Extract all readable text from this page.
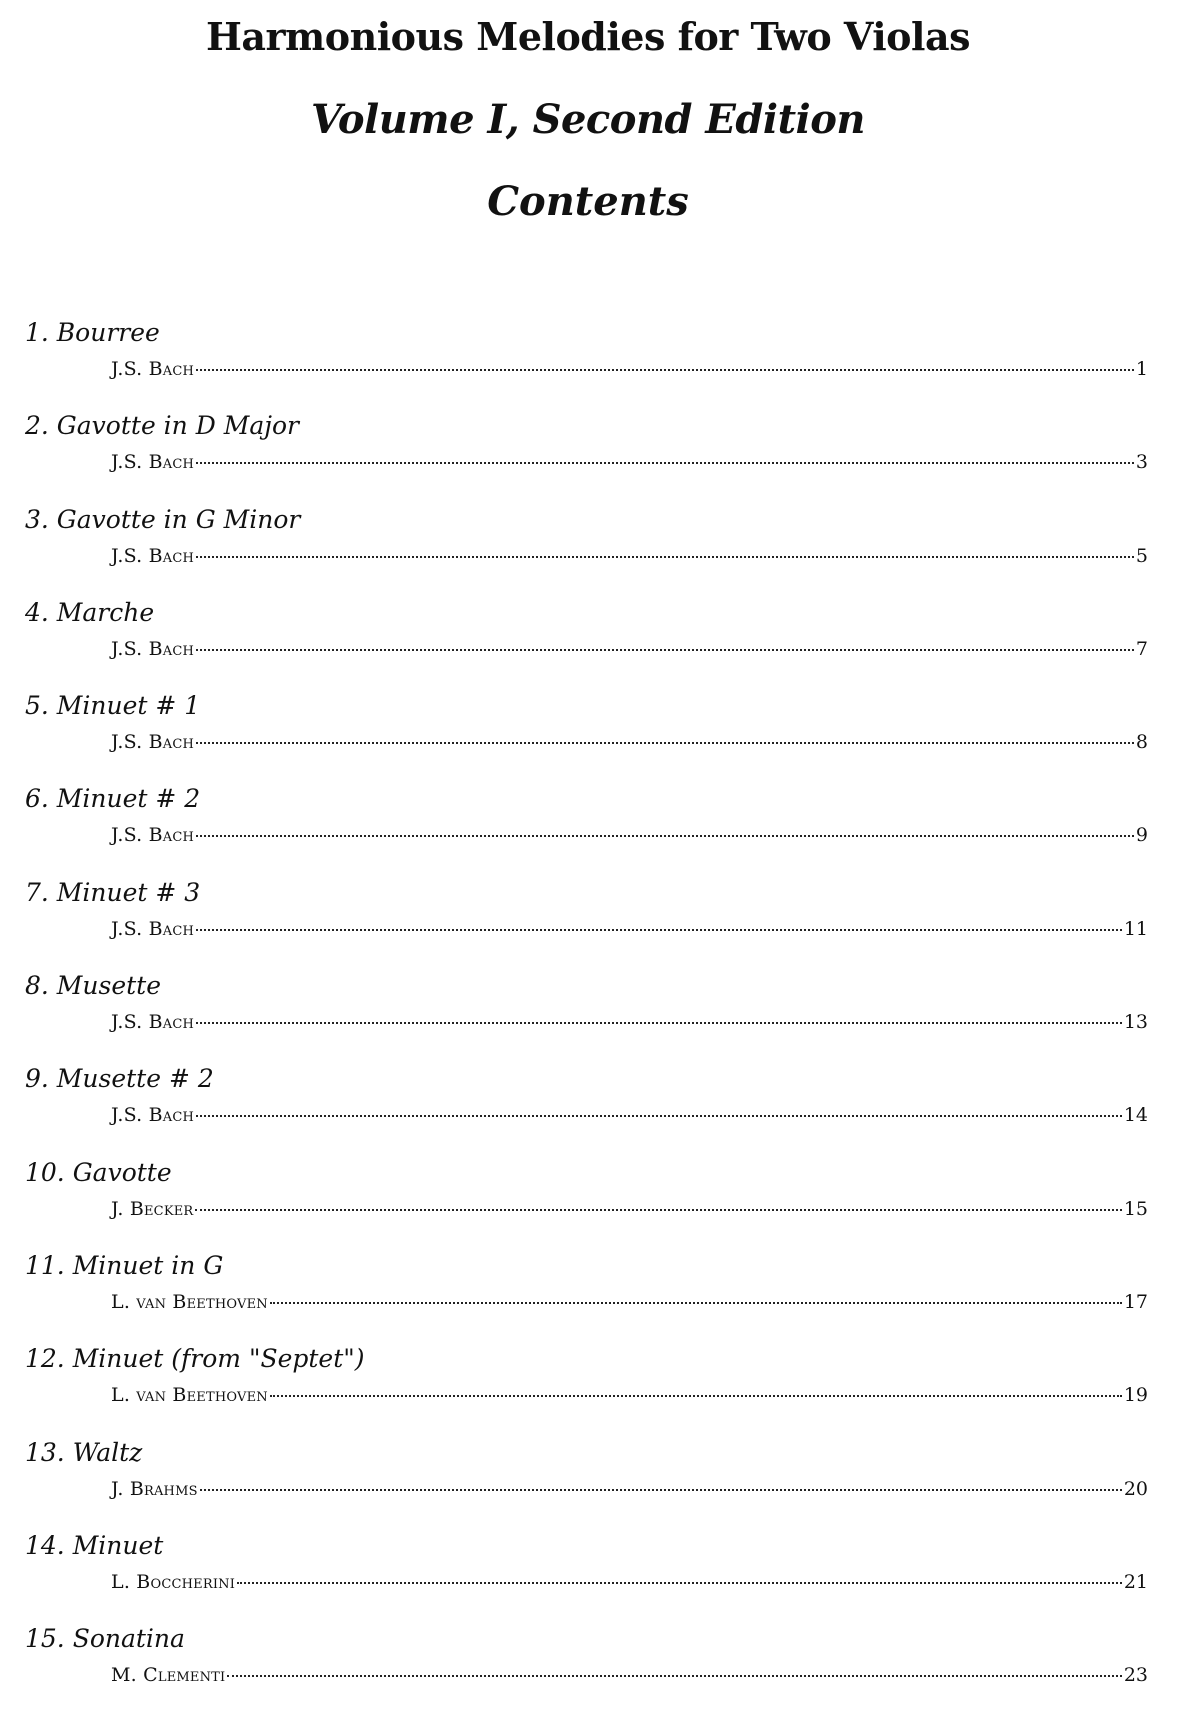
Harmonious Melodies for Two Violas
Volume I, Second Edition
Contents
1. Bourree
J.S. Bach	1
2. Gavotte in D Major
J.S. Bach	3
3. Gavotte in G Minor
J.S. Bach	5
4. Marche
J.S. Bach	7
5. Minuet # 1
J.S. Bach	8
6. Minuet # 2
J.S. Bach	9
7. Minuet # 3
J.S. Bach	11
8. Musette
J.S. Bach	13
9. Musette # 2
J.S. Bach	14
10. Gavotte
J. Becker	15
11. Minuet in G
L. van Beethoven	17
12. Minuet (from "Septet")
L. van Beethoven	19
13. Waltz
J. Brahms	20
14. Minuet
L. Boccherini	21
15. Sonatina
M. Clementi	23
